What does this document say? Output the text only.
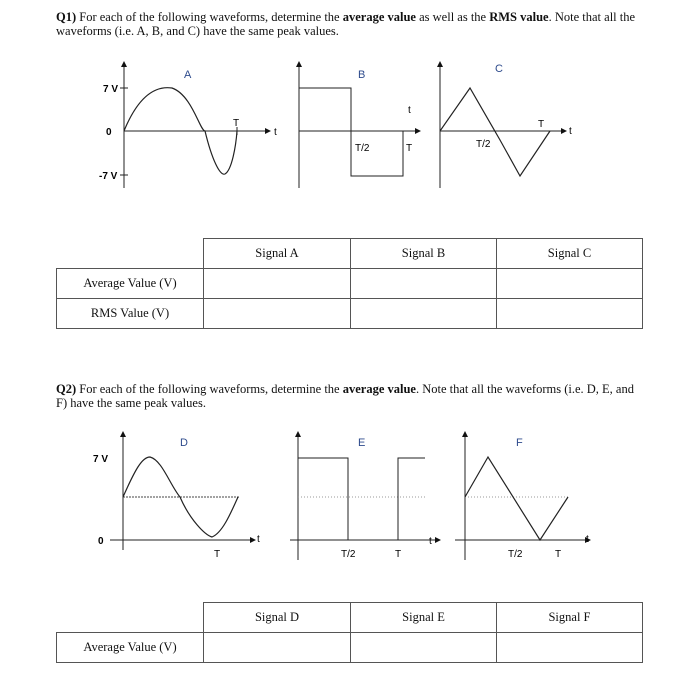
Q1) For each of the following waveforms, determine the average value as well as the RMS value. Note that all the waveforms (i.e. A, B, and C) have the same peak values.
A	B	C
7 V
0
-7 V
T
t
t
T/2	T	T/2
T
t
	Signal A	Signal B	Signal C
Average Value (V)			
RMS Value (V)			
Q2) For each of the following waveforms, determine the average value. Note that all the waveforms (i.e. D, E, and F) have the same peak values.
D	E	F
7 V
0
T
t
T/2	T
t
T/2	T
t
	Signal D	Signal E	Signal F
Average Value (V)			
